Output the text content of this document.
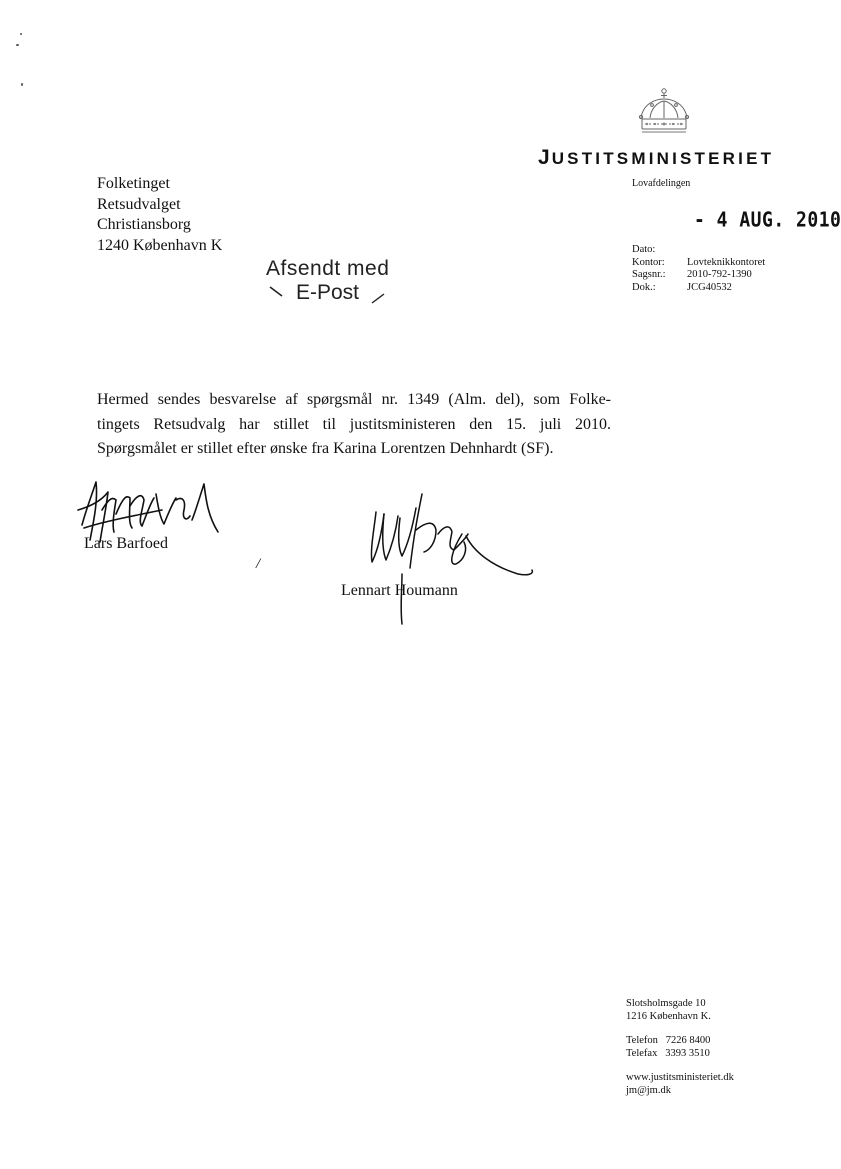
JUSTITSMINISTERIET
Lovafdelingen
- 4 AUG. 2010
Dato:
Kontor:	Lovteknikkontoret
Sagsnr.:	2010-792-1390
Dok.:	JCG40532
Folketinget
Retsudvalget
Christiansborg
1240 København K
Afsendt med
E-Post
Hermed sendes besvarelse af spørgsmål nr. 1349 (Alm. del), som Folke-
tingets Retsudvalg har stillet til justitsministeren den 15. juli 2010.
Spørgsmålet er stillet efter ønske fra Karina Lorentzen Dehnhardt (SF).
Lars Barfoed
/
Lennart Houmann
Slotsholmsgade 10
1216 København K.
Telefon   7226 8400
Telefax   3393 3510
www.justitsministeriet.dk
jm@jm.dk
